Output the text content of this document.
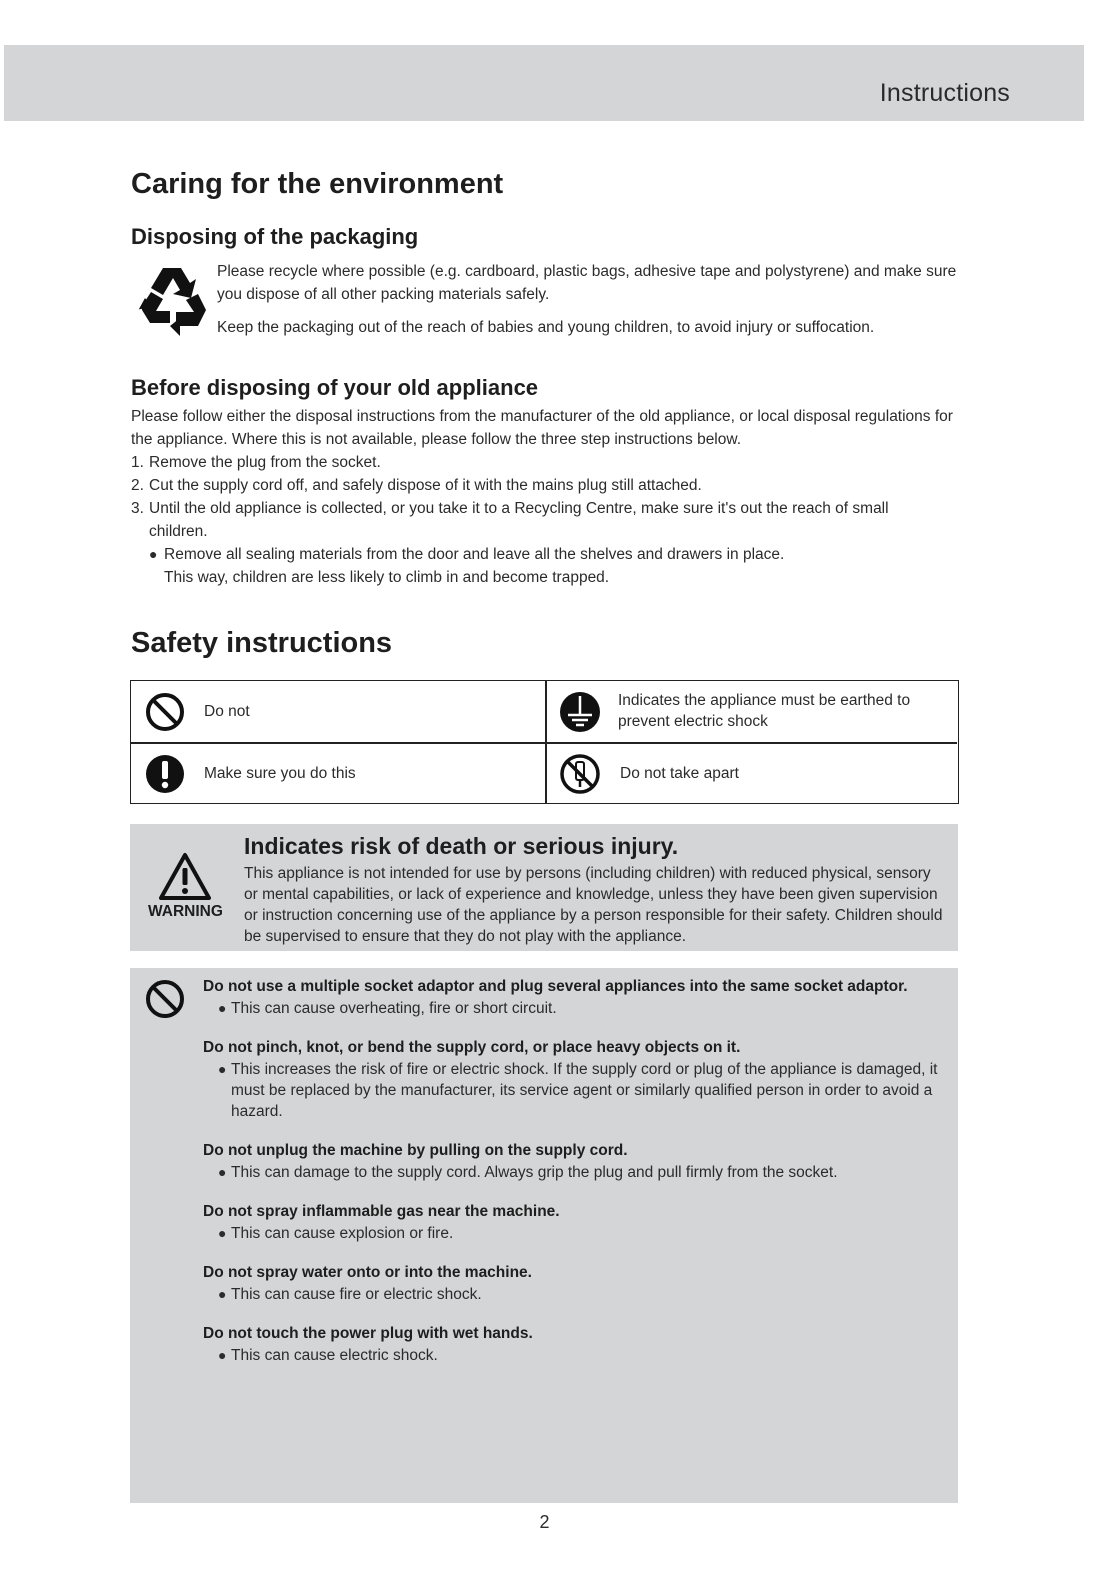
Instructions
Caring for the environment
Disposing of the packaging

Please recycle where possible (e.g. cardboard, plastic bags, adhesive tape and polystyrene) and make sure you dispose of all other packing materials safely.

Keep the packaging out of the reach of babies and young children, to avoid injury or suffocation.

Before disposing of your old appliance

Please follow either the disposal instructions from the manufacturer of the old appliance, or local disposal regulations for the appliance. Where this is not available, please follow the three step instructions below.

1. Remove the plug from the socket.
2. Cut the supply cord off, and safely dispose of it with the mains plug still attached.
3. Until the old appliance is collected, or you take it to a Recycling Centre, make sure it's out the reach of small children.
● Remove all sealing materials from the door and leave all the shelves and drawers in place.
This way, children are less likely to climb in and become trapped.
Safety instructions
Do not
Indicates the appliance must be earthed to prevent electric shock
Make sure you do this	Do not take apart
WARNING
Indicates risk of death or serious injury.
This appliance is not intended for use by persons (including children) with reduced physical, sensory or mental capabilities, or lack of experience and knowledge, unless they have been given supervision or instruction concerning use of the appliance by a person responsible for their safety. Children should be supervised to ensure that they do not play with the appliance.
Do not use a multiple socket adaptor and plug several appliances into the same socket adaptor.
● This can cause overheating, fire or short circuit.
Do not pinch, knot, or bend the supply cord, or place heavy objects on it.
● This increases the risk of fire or electric shock. If the supply cord or plug of the appliance is damaged, it must be replaced by the manufacturer, its service agent or similarly qualified person in order to avoid a hazard.
Do not unplug the machine by pulling on the supply cord.
● This can damage to the supply cord. Always grip the plug and pull firmly from the socket.
Do not spray inflammable gas near the machine.
● This can cause explosion or fire.
Do not spray water onto or into the machine.
● This can cause fire or electric shock.
Do not touch the power plug with wet hands.
● This can cause electric shock.
2
